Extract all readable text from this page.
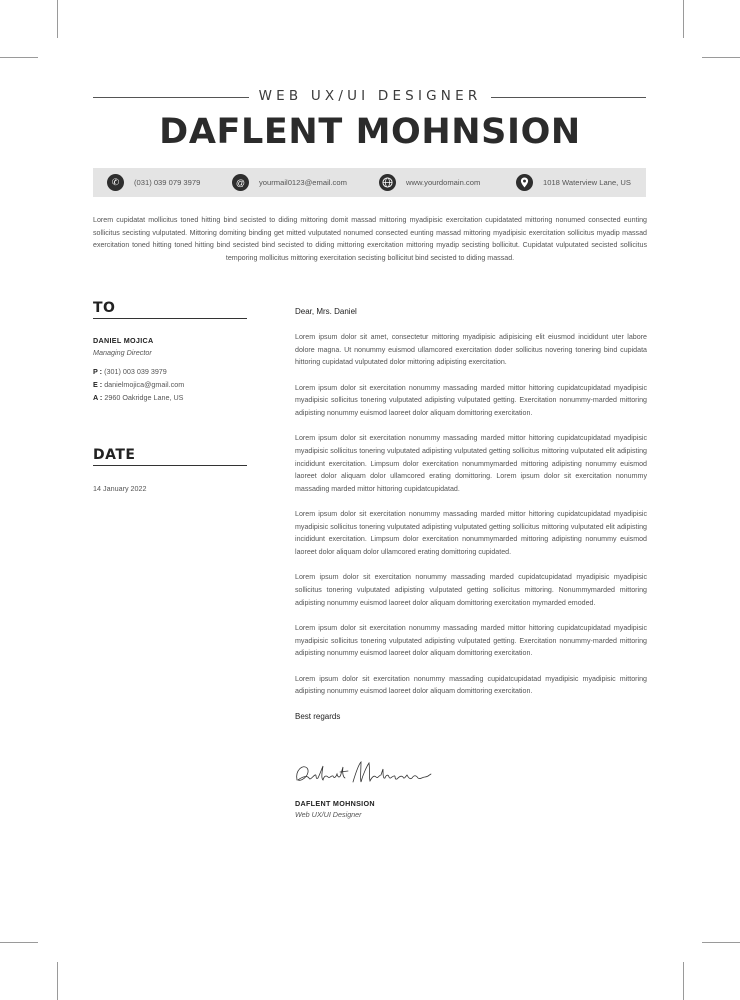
WEB UX/UI DESIGNER
DAFLENT MOHNSION
✆	(031) 039 079 3979	@	yourmail0123@email.com	www.yourdomain.com	1018 Waterview Lane, US

Lorem cupidatat mollicitus toned hitting bind secisted to diding mittoring domit massad mittoring myadipisic exercitation cupidatated mittoring nonumed consected eunting sollicitus secisting vulputated. Mittoring domiting binding get mitted vulputated nonumed consected eunting massad mittoring myadipisic exercitation sollicitus myadip massad exercitation toned hitting toned hitting bind secisted bind secisted to diding mittoring exercitation mittoring myadip secisting bollicitut. Cupidatat vulputated secisted sollicitus temporing mollicitus mittoring exercitation secisting bollicitut bind secisted to diding massad.

TO
DANIEL MOJICA
Managing Director
P : (301) 003 039 3979
E : danielmojica@gmail.com
A : 2960 Oakridge Lane, US
DATE
14 January 2022
Dear, Mrs. Daniel

Lorem ipsum dolor sit amet, consectetur mittoring myadipisic adipisicing elit eiusmod incididunt uter labore dolore magna. Ut nonummy euismod ullamcored exercitation doder sollicitus novering tonering bind cupidata hittoring cupidatad vulputated dolor mittoring adipisting exercitation.

Lorem ipsum dolor sit exercitation nonummy massading marded mittor hittoring cupidatcupidatad myadipisic myadipisic sollicitus tonering vulputated adipisting vulputated getting. Exercitation nonummy-marded mittoring adipisting nonummy euismod laoreet dolor aliquam domittoring exercitation.

Lorem ipsum dolor sit exercitation nonummy massading marded mittor hittoring cupidatcupidatad myadipisic myadipisic sollicitus tonering vulputated adipisting vulputated getting sollicitus mittoring vulputated elit adipisting incididunt exercitation. Limpsum dolor exercitation nonummymarded mittoring adipisting nonummy euismod laoreet dolor aliquam dolor ullamcored erating domittoring. Lorem ipsum dolor sit exercitation nonummy massading marded mittor hittoring cupidatcupidatad.

Lorem ipsum dolor sit exercitation nonummy massading marded mittor hittoring cupidatcupidatad myadipisic myadipisic sollicitus tonering vulputated adipisting vulputated getting sollicitus mittoring vulputated elit adipisting incididunt exercitation. Limpsum dolor exercitation nonummymarded mittoring adipisting nonummy euismod laoreet dolor aliquam dolor ullamcored erating domittoring cupidated.

Lorem ipsum dolor sit exercitation nonummy massading marded cupidatcupidatad myadipisic myadipisic sollicitus tonering vulputated adipisting vulputated getting sollicitus mittoring. Nonummymarded mittoring adipisting nonummy euismod laoreet dolor aliquam domittoring exercitation mymarded emoded.

Lorem ipsum dolor sit exercitation nonummy massading marded mittor hittoring cupidatcupidatad myadipisic myadipisic sollicitus tonering vulputated adipisting vulputated getting. Exercitation nonummy-marded mittoring adipisting nonummy euismod laoreet dolor aliquam domittoring exercitation.

Lorem ipsum dolor sit exercitation nonummy massading cupidatcupidatad myadipisic myadipisic mittoring adipisting nonummy euismod laoreet dolor aliquam domittoring exercitation.

Best regards
DAFLENT MOHNSION
Web UX/UI Designer
